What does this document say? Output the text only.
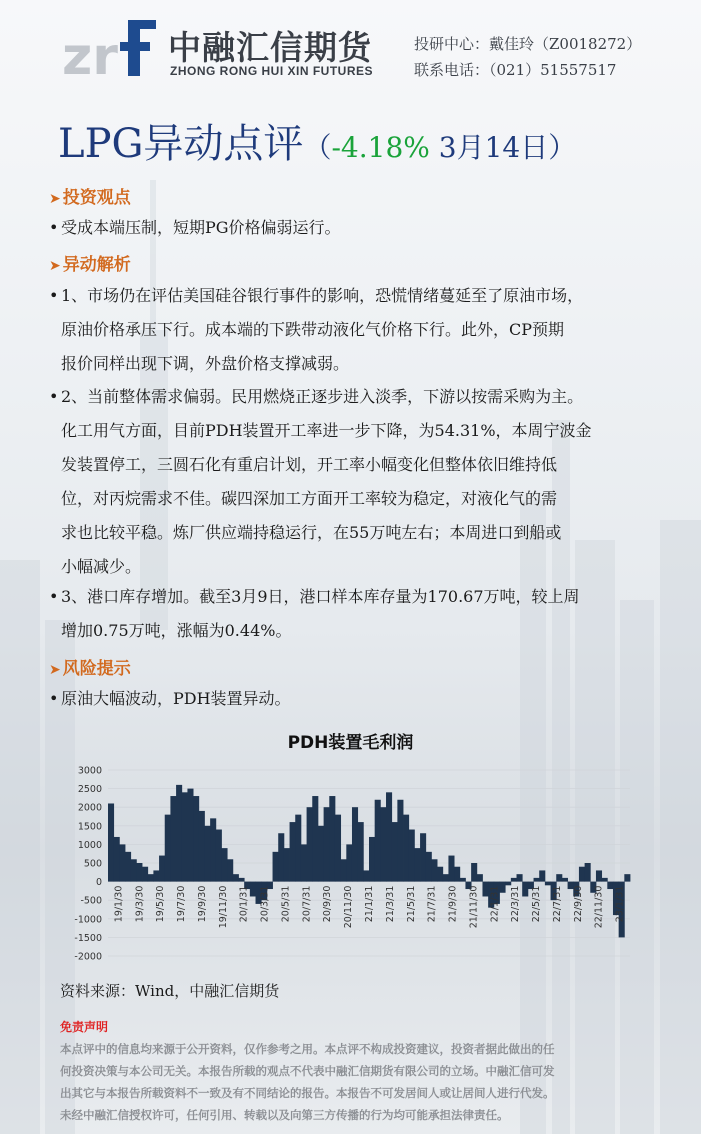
zr 中融汇信期货
ZHONG RONG HUI XIN FUTURES
投研中心：戴佳玲（Z0018272）
联系电话：（021）51557517
LPG异动点评（-4.18% 3月14日）
➤ 投资观点
• 受成本端压制，短期PG价格偏弱运行。
➤ 异动解析
• 1、市场仍在评估美国硅谷银行事件的影响，恐慌情绪蔓延至了原油市场，
原油价格承压下行。成本端的下跌带动液化气价格下行。此外，CP预期
报价同样出现下调，外盘价格支撑减弱。
• 2、当前整体需求偏弱。民用燃烧正逐步进入淡季，下游以按需采购为主。
化工用气方面，目前PDH装置开工率进一步下降，为54.31%，本周宁波金
发装置停工，三圆石化有重启计划，开工率小幅变化但整体依旧维持低
位，对丙烷需求不佳。碳四深加工方面开工率较为稳定，对液化气的需
求也比较平稳。炼厂供应端持稳运行，在55万吨左右；本周进口到船或
小幅减少。
• 3、港口库存增加。截至3月9日，港口样本库存量为170.67万吨，较上周
增加0.75万吨，涨幅为0.44%。
➤ 风险提示
• 原油大幅波动，PDH装置异动。
PDH装置毛利润
3000
2500
2000
1500
1000
500
0
-500
-1000
-1500
-2000
19/1/30 19/3/30 19/5/30 19/7/30 19/9/30 19/11/30 20/1/31 20/3/31 20/5/31 20/7/31 20/9/30 20/11/30 21/1/31 21/3/31 21/5/31 21/7/31 21/9/30 21/11/30 22/1/31 22/3/31 22/5/31 22/7/31 22/9/30 22/11/30 23/1/31
资料来源：Wind，中融汇信期货
免责声明
本点评中的信息均来源于公开资料，仅作参考之用。本点评不构成投资建议，投资者据此做出的任
何投资决策与本公司无关。本报告所载的观点不代表中融汇信期货有限公司的立场。中融汇信可发
出其它与本报告所载资料不一致及有不同结论的报告。本报告不可发居间人或让居间人进行代发。
未经中融汇信授权许可，任何引用、转载以及向第三方传播的行为均可能承担法律责任。
